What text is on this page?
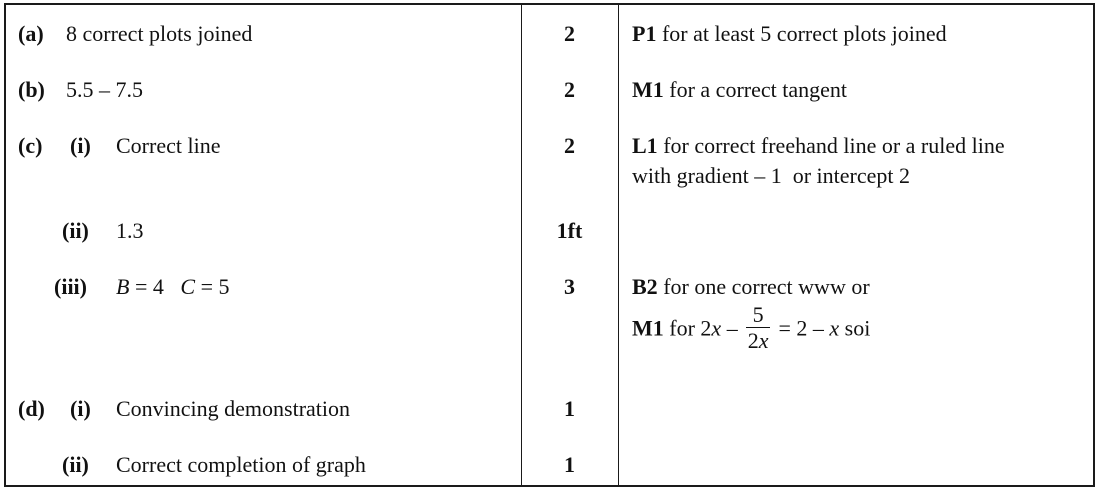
(a) 8 correct plots joined	2	P1 for at least 5 correct plots joined
(b) 5.5 – 7.5	2	M1 for a correct tangent
(c) (i) Correct line	2	L1 for correct freehand line or a ruled line
with gradient – 1  or intercept 2
(ii) 1.3	1ft
(iii) B = 4 C = 5	3	B2 for one correct www or
M1 for $2x - \frac{5}{2x} = 2 - x$ soi
(d) (i) Convincing demonstration	1
(ii) Correct completion of graph	1
